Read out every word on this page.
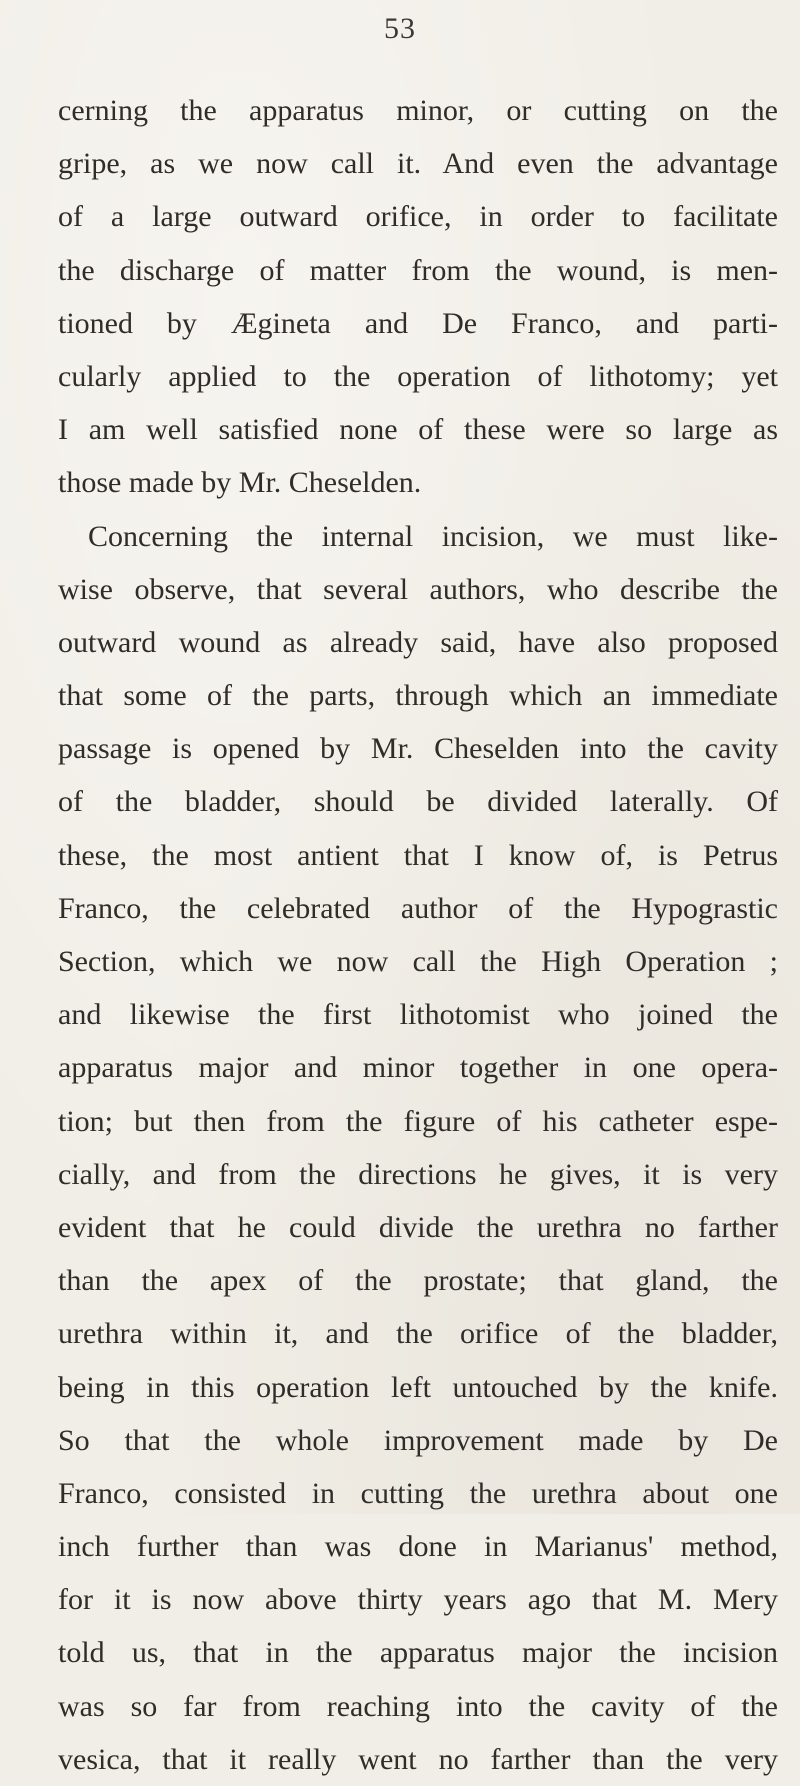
53
cerning the apparatus minor, or cutting on the
gripe, as we now call it. And even the advantage
of a large outward orifice, in order to facilitate
the discharge of matter from the wound, is men-
tioned by Ægineta and De Franco, and parti-
cularly applied to the operation of lithotomy; yet
I am well satisfied none of these were so large as
those made by Mr. Cheselden.
Concerning the internal incision, we must like-
wise observe, that several authors, who describe the
outward wound as already said, have also proposed
that some of the parts, through which an immediate
passage is opened by Mr. Cheselden into the cavity
of the bladder, should be divided laterally. Of
these, the most antient that I know of, is Petrus
Franco, the celebrated author of the Hypograstic
Section, which we now call the High Operation ;
and likewise the first lithotomist who joined the
apparatus major and minor together in one opera-
tion; but then from the figure of his catheter espe-
cially, and from the directions he gives, it is very
evident that he could divide the urethra no farther
than the apex of the prostate; that gland, the
urethra within it, and the orifice of the bladder,
being in this operation left untouched by the knife.
So that the whole improvement made by De
Franco, consisted in cutting the urethra about one
inch further than was done in Marianus' method,
for it is now above thirty years ago that M. Mery
told us, that in the apparatus major the incision
was so far from reaching into the cavity of the
vesica, that it really went no farther than the very
